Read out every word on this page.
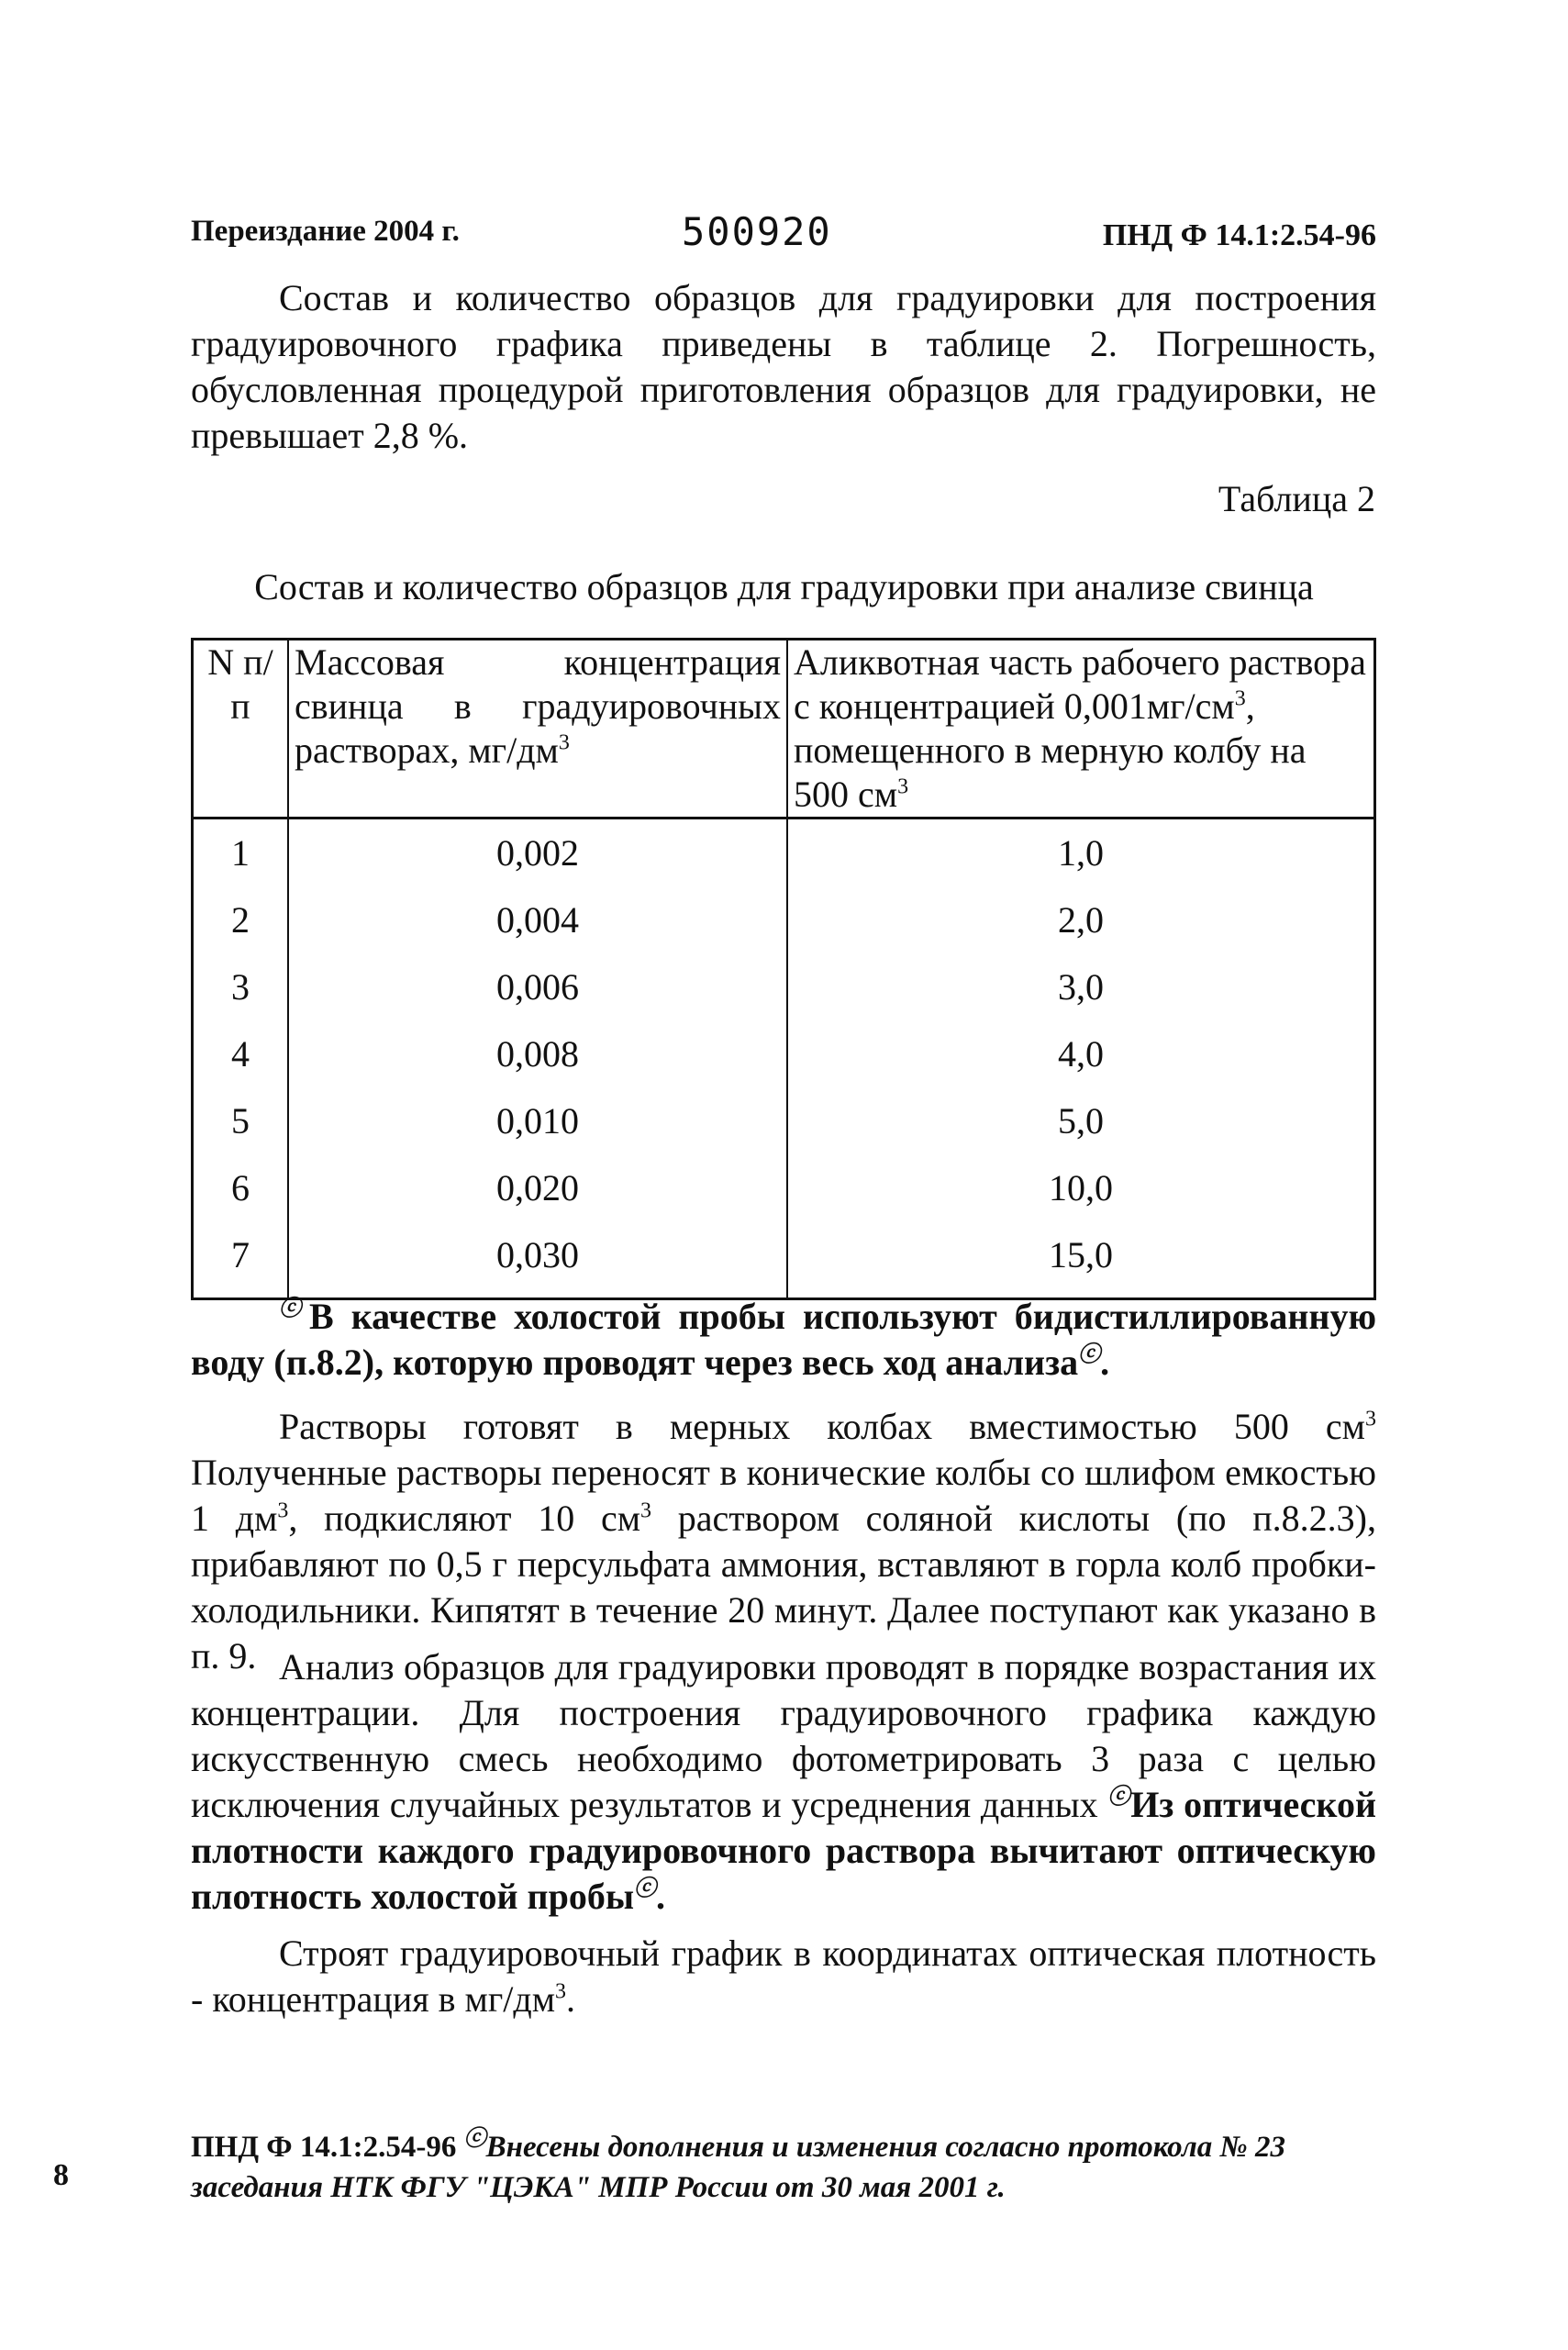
Переиздание 2004 г.	500920	ПНД Ф 14.1:2.54-96
Состав и количество образцов для градуировки для построения градуировочного графика приведены в таблице 2. Погрешность, обусловленная процедурой приготовления образцов для градуировки, не превышает 2,8 %.
Таблица 2
Состав и количество образцов для градуировки при анализе свинца
N п/п	Массовая концентрация свинца в градуировочных растворах, $мг/дм^3$	Аликвотная часть рабочего раствора с концентрацией $0,001мг/см^3$, помещенного в мерную колбу на 500 $см^3$
1	0,002	1,0
2	0,004	2,0
3	0,006	3,0
4	0,008	4,0
5	0,010	5,0
6	0,020	10,0
7	0,030	15,0
ⓒВ качестве холостой пробы используют бидистиллированную воду (п.8.2), которую проводят через весь ход анализаⓒ.
Растворы готовят в мерных колбах вместимостью 500 $см^3$ Полученные растворы переносят в конические колбы со шлифом емкостью 1 $дм^3$, подкисляют 10 $см^3$ раствором соляной кислоты (по п.8.2.3), прибавляют по 0,5 г персульфата аммония, вставляют в горла колб пробки-холодильники. Кипятят в течение 20 минут. Далее поступают как указано в п. 9. Анализ образцов для градуировки проводят в порядке возрастания их концентрации. Для построения градуировочного графика каждую искусственную смесь необходимо фотометрировать 3 раза с целью исключения случайных результатов и усреднения данных ⓒИз оптической плотности каждого градуировочного раствора вычитают оптическую плотность холостой пробыⓒ.
Строят градуировочный график в координатах оптическая плотность - концентрация в $мг/дм^3$.
ПНД Ф 14.1:2.54-96 ⓒВнесены дополнения и изменения согласно протокола № 23 заседания НТК ФГУ "ЦЭКА" МПР России от 30 мая 2001 г.
8
